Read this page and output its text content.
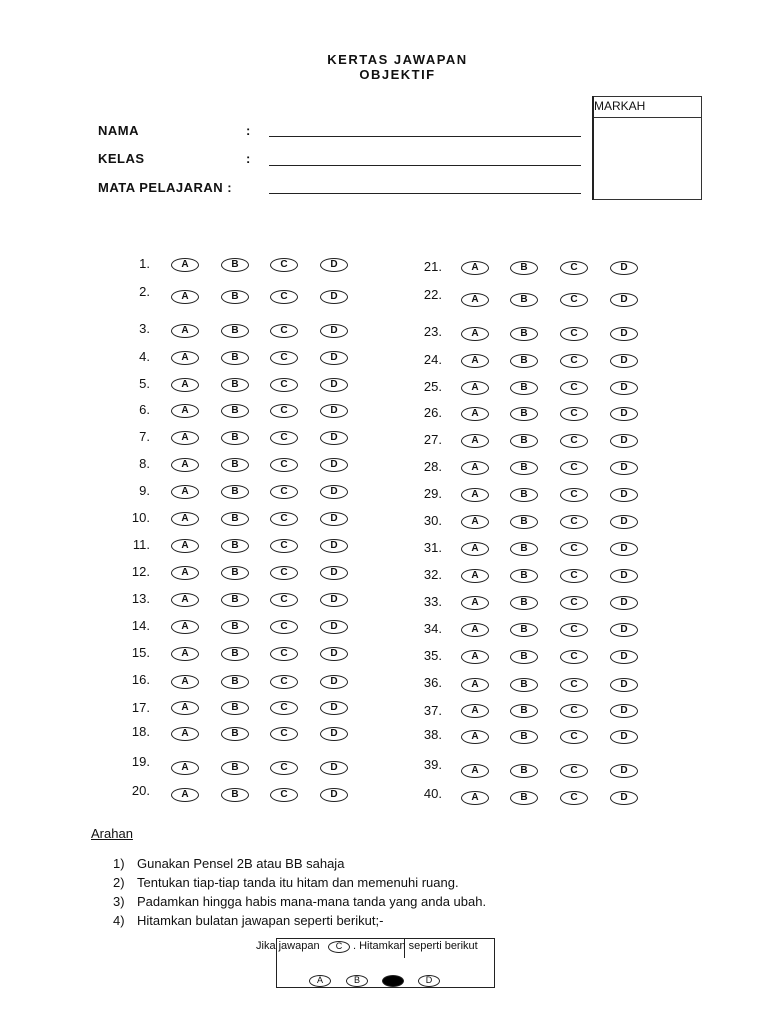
KERTAS JAWAPAN
OBJEKTIF
NAMA	:
KELAS	:
MATA PELAJARAN :
MARKAH
1.	A	B	C	D
2.	A	B	C	D
3.	A	B	C	D
4.	A	B	C	D
5.	A	B	C	D
6.	A	B	C	D
7.	A	B	C	D
8.	A	B	C	D
9.	A	B	C	D
10.	A	B	C	D
11.	A	B	C	D
12.	A	B	C	D
13.	A	B	C	D
14.	A	B	C	D
15.	A	B	C	D
16.	A	B	C	D
17.	A	B	C	D
18.	A	B	C	D
19.	A	B	C	D
20.	A	B	C	D
21.	A	B	C	D
22.	A	B	C	D
23.	A	B	C	D
24.	A	B	C	D
25.	A	B	C	D
26.	A	B	C	D
27.	A	B	C	D
28.	A	B	C	D
29.	A	B	C	D
30.	A	B	C	D
31.	A	B	C	D
32.	A	B	C	D
33.	A	B	C	D
34.	A	B	C	D
35.	A	B	C	D
36.	A	B	C	D
37.	A	B	C	D
38.	A	B	C	D
39.	A	B	C	D
40.	A	B	C	D
Arahan
1) Gunakan Pensel 2B atau BB sahaja
2) Tentukan tiap-tiap tanda itu hitam dan memenuhi ruang.
3) Padamkan hingga habis mana-mana tanda yang anda ubah.
4) Hitamkan bulatan jawapan seperti berikut;-
Jika jawapan	C . Hitamkan seperti berikut
A	B	D
